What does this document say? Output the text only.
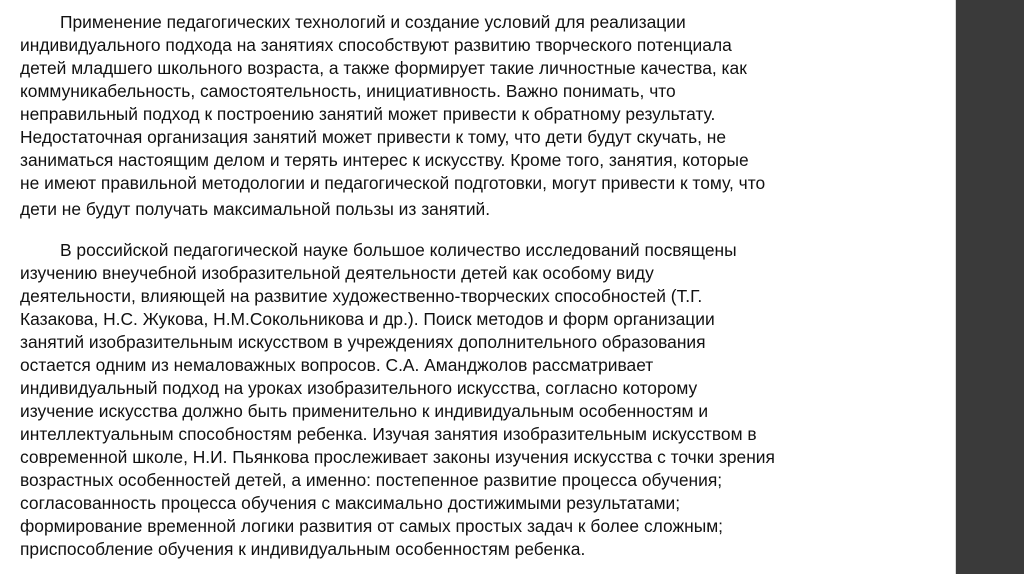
Применение педагогических технологий и создание условий для реализации
индивидуального подхода на занятиях способствуют развитию творческого потенциала
детей младшего школьного возраста, а также формирует такие личностные качества, как
коммуникабельность, самостоятельность, инициативность. Важно понимать, что
неправильный подход к построению занятий может привести к обратному результату.
Недостаточная организация занятий может привести к тому, что дети будут скучать, не
заниматься настоящим делом и терять интерес к искусству. Кроме того, занятия, которые
не имеют правильной методологии и педагогической подготовки, могут привести к тому, что
дети не будут получать максимальной пользы из занятий.

В российской педагогической науке большое количество исследований посвящены
изучению внеучебной изобразительной деятельности детей как особому виду
деятельности, влияющей на развитие художественно-творческих способностей (Т.Г.
Казакова, Н.С. Жукова, Н.М.Сокольникова и др.). Поиск методов и форм организации
занятий изобразительным искусством в учреждениях дополнительного образования
остается одним из немаловажных вопросов. С.А. Аманджолов рассматривает
индивидуальный подход на уроках изобразительного искусства, согласно которому
изучение искусства должно быть применительно к индивидуальным особенностям и
интеллектуальным способностям ребенка. Изучая занятия изобразительным искусством в
современной школе, Н.И. Пьянкова прослеживает законы изучения искусства с точки зрения
возрастных особенностей детей, а именно: постепенное развитие процесса обучения;
согласованность процесса обучения с максимально достижимыми результатами;
формирование временной логики развития от самых простых задач к более сложным;
приспособление обучения к индивидуальным особенностям ребенка.
